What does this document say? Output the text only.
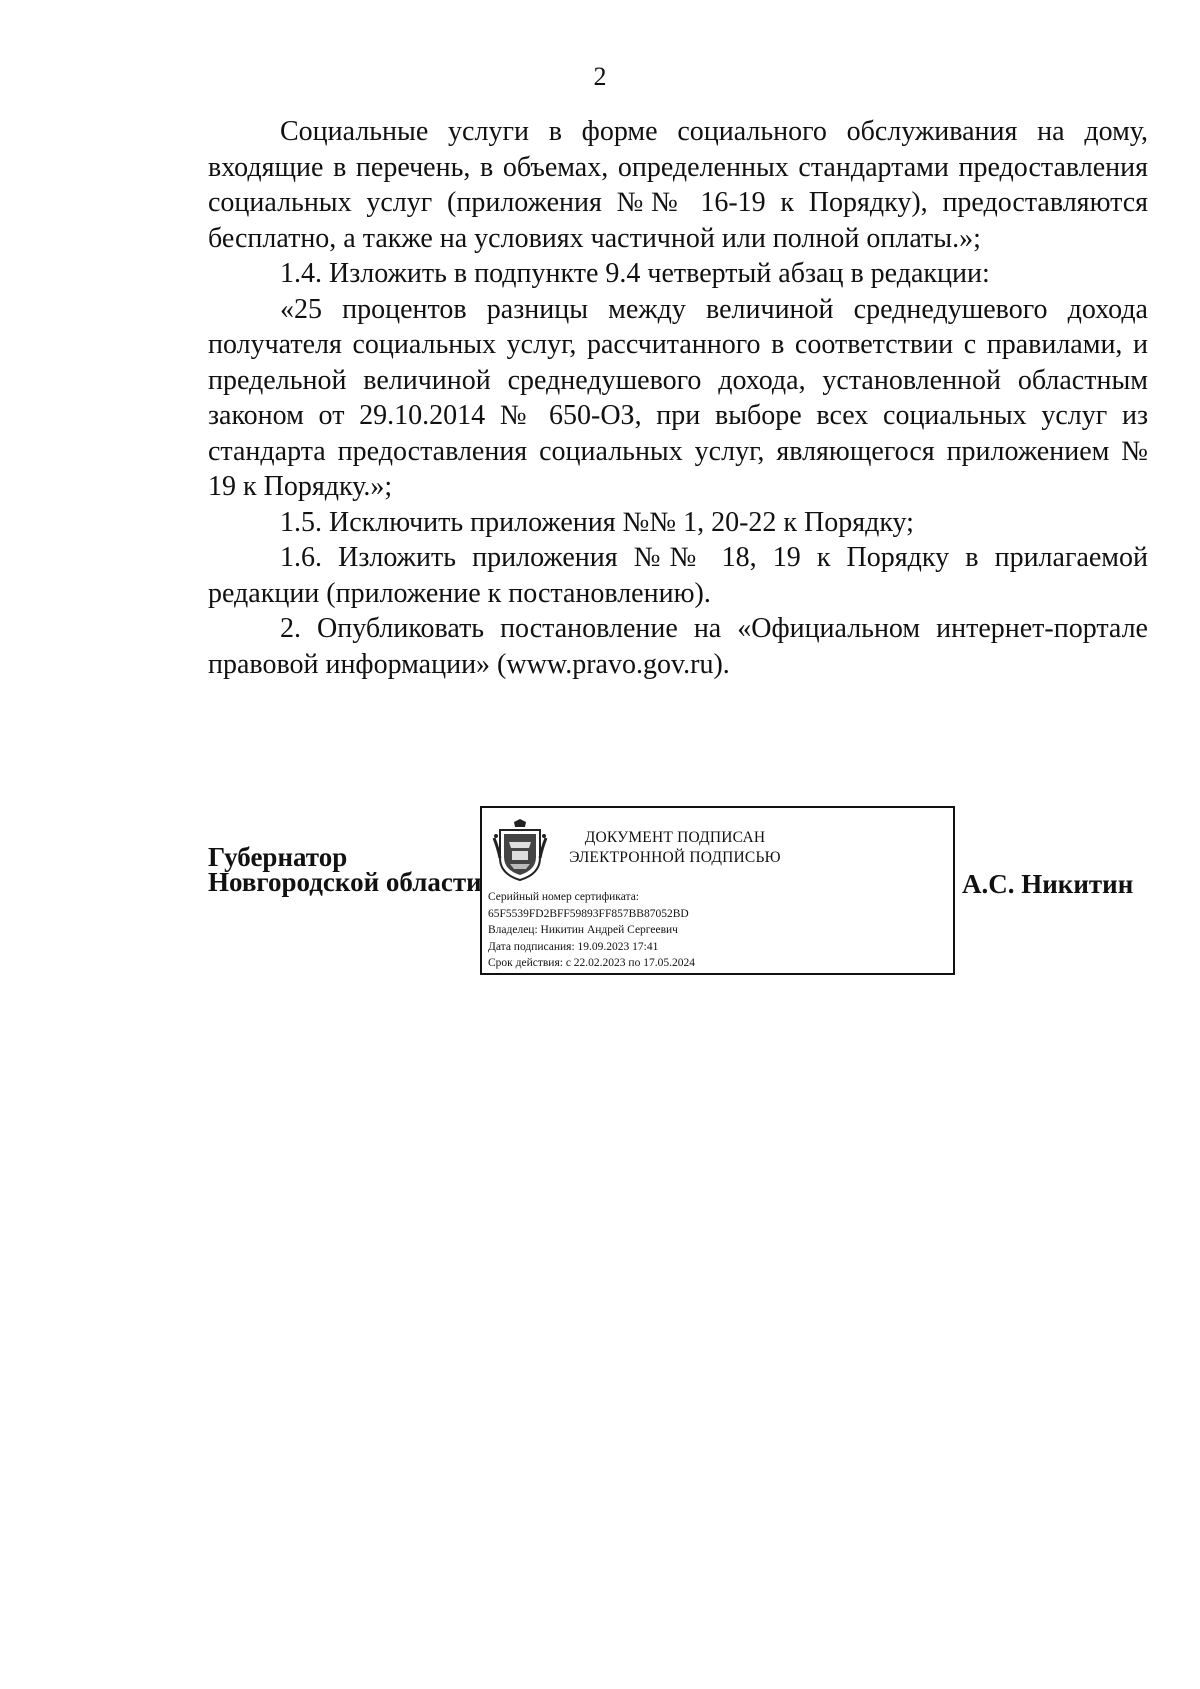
2

Социальные услуги в форме социального обслуживания на дому, входящие в перечень, в объемах, определенных стандартами предоставления социальных услуг (приложения №№ 16-19 к Порядку), предоставляются бесплатно, а также на условиях частичной или полной оплаты.»;

1.4. Изложить в подпункте 9.4 четвертый абзац в редакции:

«25 процентов разницы между величиной среднедушевого дохода получателя социальных услуг, рассчитанного в соответствии с правилами, и предельной величиной среднедушевого дохода, установленной областным законом от 29.10.2014 № 650-ОЗ, при выборе всех социальных услуг из стандарта предоставления социальных услуг, являющегося приложением № 19 к Порядку.»;

1.5. Исключить приложения №№ 1, 20-22 к Порядку;

1.6. Изложить приложения №№ 18, 19 к Порядку в прилагаемой редакции (приложение к постановлению).

2. Опубликовать постановление на «Официальном интернет-портале правовой информации» (www.pravo.gov.ru).

Губернатор
Новгородской области
ДОКУМЕНТ ПОДПИСАН
ЭЛЕКТРОННОЙ ПОДПИСЬЮ
Серийный номер сертификата:
65F5539FD2BFF59893FF857BB87052BD
Владелец: Никитин Андрей Сергеевич
Дата подписания: 19.09.2023 17:41
Срок действия: с 22.02.2023 по 17.05.2024
А.С. Никитин
